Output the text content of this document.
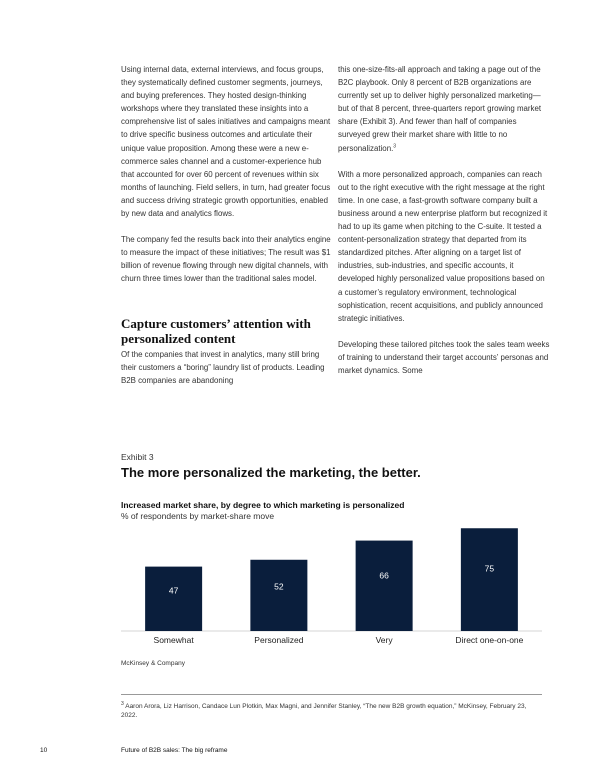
Using internal data, external interviews, and focus groups, they systematically defined customer segments, journeys, and buying preferences. They hosted design-thinking workshops where they translated these insights into a comprehensive list of sales initiatives and campaigns meant to drive specific business outcomes and articulate their unique value proposition. Among these were a new e-commerce sales channel and a customer-experience hub that accounted for over 60 percent of revenues within six months of launching. Field sellers, in turn, had greater focus and success driving strategic growth opportunities, enabled by new data and analytics flows.

The company fed the results back into their analytics engine to measure the impact of these initiatives; The result was $1 billion of revenue flowing through new digital channels, with churn three times lower than the traditional sales model.

Capture customers’ attention with personalized content

Of the companies that invest in analytics, many still bring their customers a “boring” laundry list of products. Leading B2B companies are abandoning

this one-size-fits-all approach and taking a page out of the B2C playbook. Only 8 percent of B2B organizations are currently set up to deliver highly personalized marketing—but of that 8 percent, three-quarters report growing market share (Exhibit 3). And fewer than half of companies surveyed grew their market share with little to no personalization.$^3$

With a more personalized approach, companies can reach out to the right executive with the right message at the right time. In one case, a fast-growth software company built a business around a new enterprise platform but recognized it had to up its game when pitching to the C-suite. It tested a content-personalization strategy that departed from its standardized pitches. After aligning on a target list of industries, sub-industries, and specific accounts, it developed highly personalized value propositions based on a customer’s regulatory environment, technological sophistication, recent acquisitions, and publicly announced strategic initiatives.

Developing these tailored pitches took the sales team weeks of training to understand their target accounts’ personas and market dynamics. Some

Exhibit 3
The more personalized the marketing, the better.
Increased market share, by degree to which marketing is personalized
% of respondents by market-share move
47
Somewhat
52
Personalized
66
Very
75
Direct one-on-one
McKinsey & Company
$^3$ Aaron Arora, Liz Harrison, Candace Lun Plotkin, Max Magni, and Jennifer Stanley, “The new B2B growth equation,” McKinsey, February 23, 2022.
10	Future of B2B sales: The big reframe
